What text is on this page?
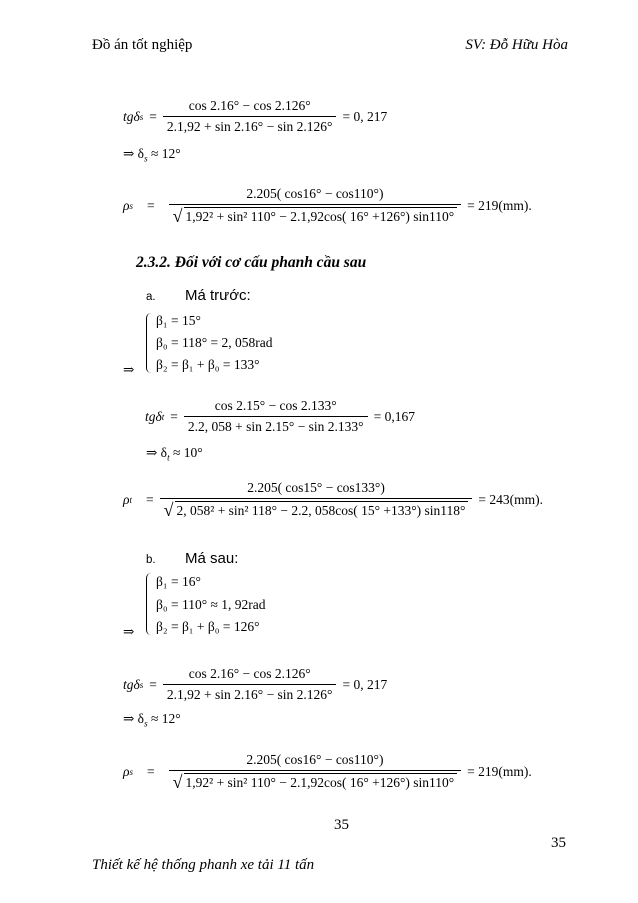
Đồ án tốt nghiệp	SV: Đỗ Hữu Hòa
tgδ $s = \frac{\cos 2.16^\circ - \cos 2.126^\circ}{2.1,92 + \sin 2.16^\circ - \sin 2.126^\circ} = 0$, 217
⇒ $\delta_s \approx 12^\circ$
ρ $s = \frac{2.205( \cos 16^\circ - \cos 110^\circ)}{\text{√ 1,92² + sin² 110° − 2.1,92cos( 16° +126°) sin110°}} = 219(mm)$.
2.3.2. Đối với cơ cấu phanh cầu sau
a. Má trước:
β₁ = 15°
β₀ = 118° = 2, 058rad
β₂ = β₁ + β₀ = 133°
⇒
tgδ $t = \frac{\cos 2.15^\circ - \cos 2.133^\circ}{2.2, 058 + \sin 2.15^\circ - \sin 2.133^\circ} = 0,167$
⇒ $\delta_t \approx 10^\circ$
ρ $t = \frac{2.205( \cos 15^\circ - \cos 133^\circ)}{\text{√ 2, 058² + sin² 118° − 2.2, 058cos( 15° +133°) sin118°}} = 243(mm)$.
b. Má sau:
β₁ = 16°
β₀ = 110° ≈ 1, 92rad
β₂ = β₁ + β₀ = 126°
⇒
tgδ $s = \frac{\cos 2.16^\circ - \cos 2.126^\circ}{2.1,92 + \sin 2.16^\circ - \sin 2.126^\circ} = 0$, 217
⇒ $\delta_s \approx 12^\circ$
ρ $s = \frac{2.205( \cos 16^\circ - \cos 110^\circ)}{\text{√ 1,92² + sin² 110° − 2.1,92cos( 16° +126°) sin110°}} = 219(mm)$.
35
35
Thiết kế hệ thống phanh xe tải 11 tấn
